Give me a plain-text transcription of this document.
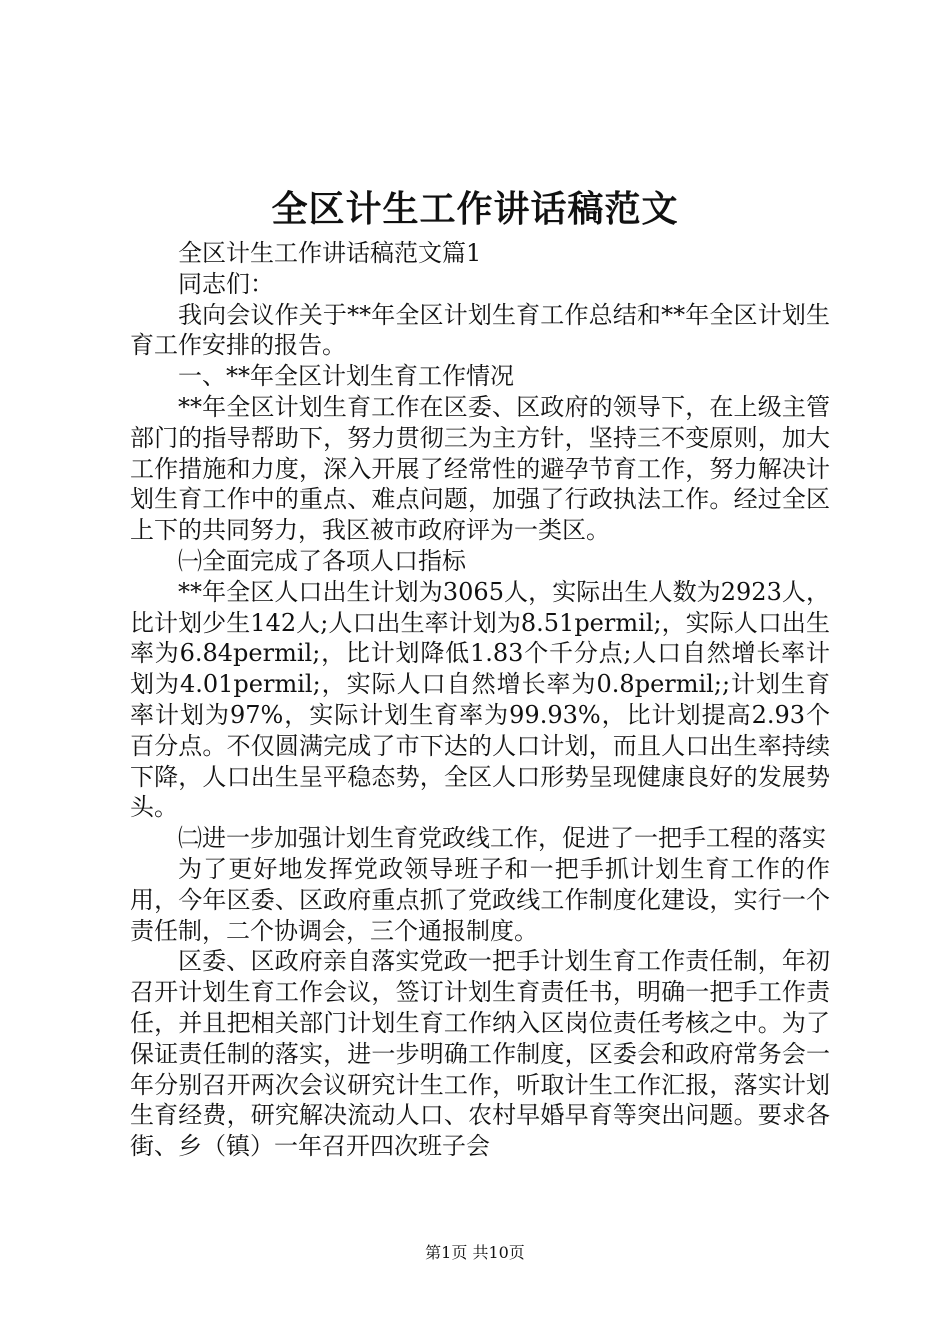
全区计生工作讲话稿范文

全区计生工作讲话稿范文篇1

同志们：

我向会议作关于**年全区计划生育工作总结和**年全区计划生育工作安排的报告。

一、**年全区计划生育工作情况

**年全区计划生育工作在区委、区政府的领导下，在上级主管部门的指导帮助下，努力贯彻三为主方针，坚持三不变原则，加大工作措施和力度，深入开展了经常性的避孕节育工作，努力解决计划生育工作中的重点、难点问题，加强了行政执法工作。经过全区上下的共同努力，我区被市政府评为一类区。

㈠全面完成了各项人口指标

**年全区人口出生计划为3065人，实际出生人数为2923人，比计划少生142人;人口出生率计划为8.51permil;，实际人口出生率为6.84permil;，比计划降低1.83个千分点;人口自然增长率计划为4.01permil;，实际人口自然增长率为0.8permil;;计划生育率计划为97%，实际计划生育率为99.93%，比计划提高2.93个百分点。不仅圆满完成了市下达的人口计划，而且人口出生率持续下降，人口出生呈平稳态势，全区人口形势呈现健康良好的发展势头。

㈡进一步加强计划生育党政线工作，促进了一把手工程的落实

为了更好地发挥党政领导班子和一把手抓计划生育工作的作用，今年区委、区政府重点抓了党政线工作制度化建设，实行一个责任制，二个协调会，三个通报制度。

区委、区政府亲自落实党政一把手计划生育工作责任制，年初召开计划生育工作会议，签订计划生育责任书，明确一把手工作责任，并且把相关部门计划生育工作纳入区岗位责任考核之中。为了保证责任制的落实，进一步明确工作制度，区委会和政府常务会一年分别召开两次会议研究计生工作，听取计生工作汇报，落实计划生育经费，研究解决流动人口、农村早婚早育等突出问题。要求各街、乡（镇）一年召开四次班子会

第1页 共10页
